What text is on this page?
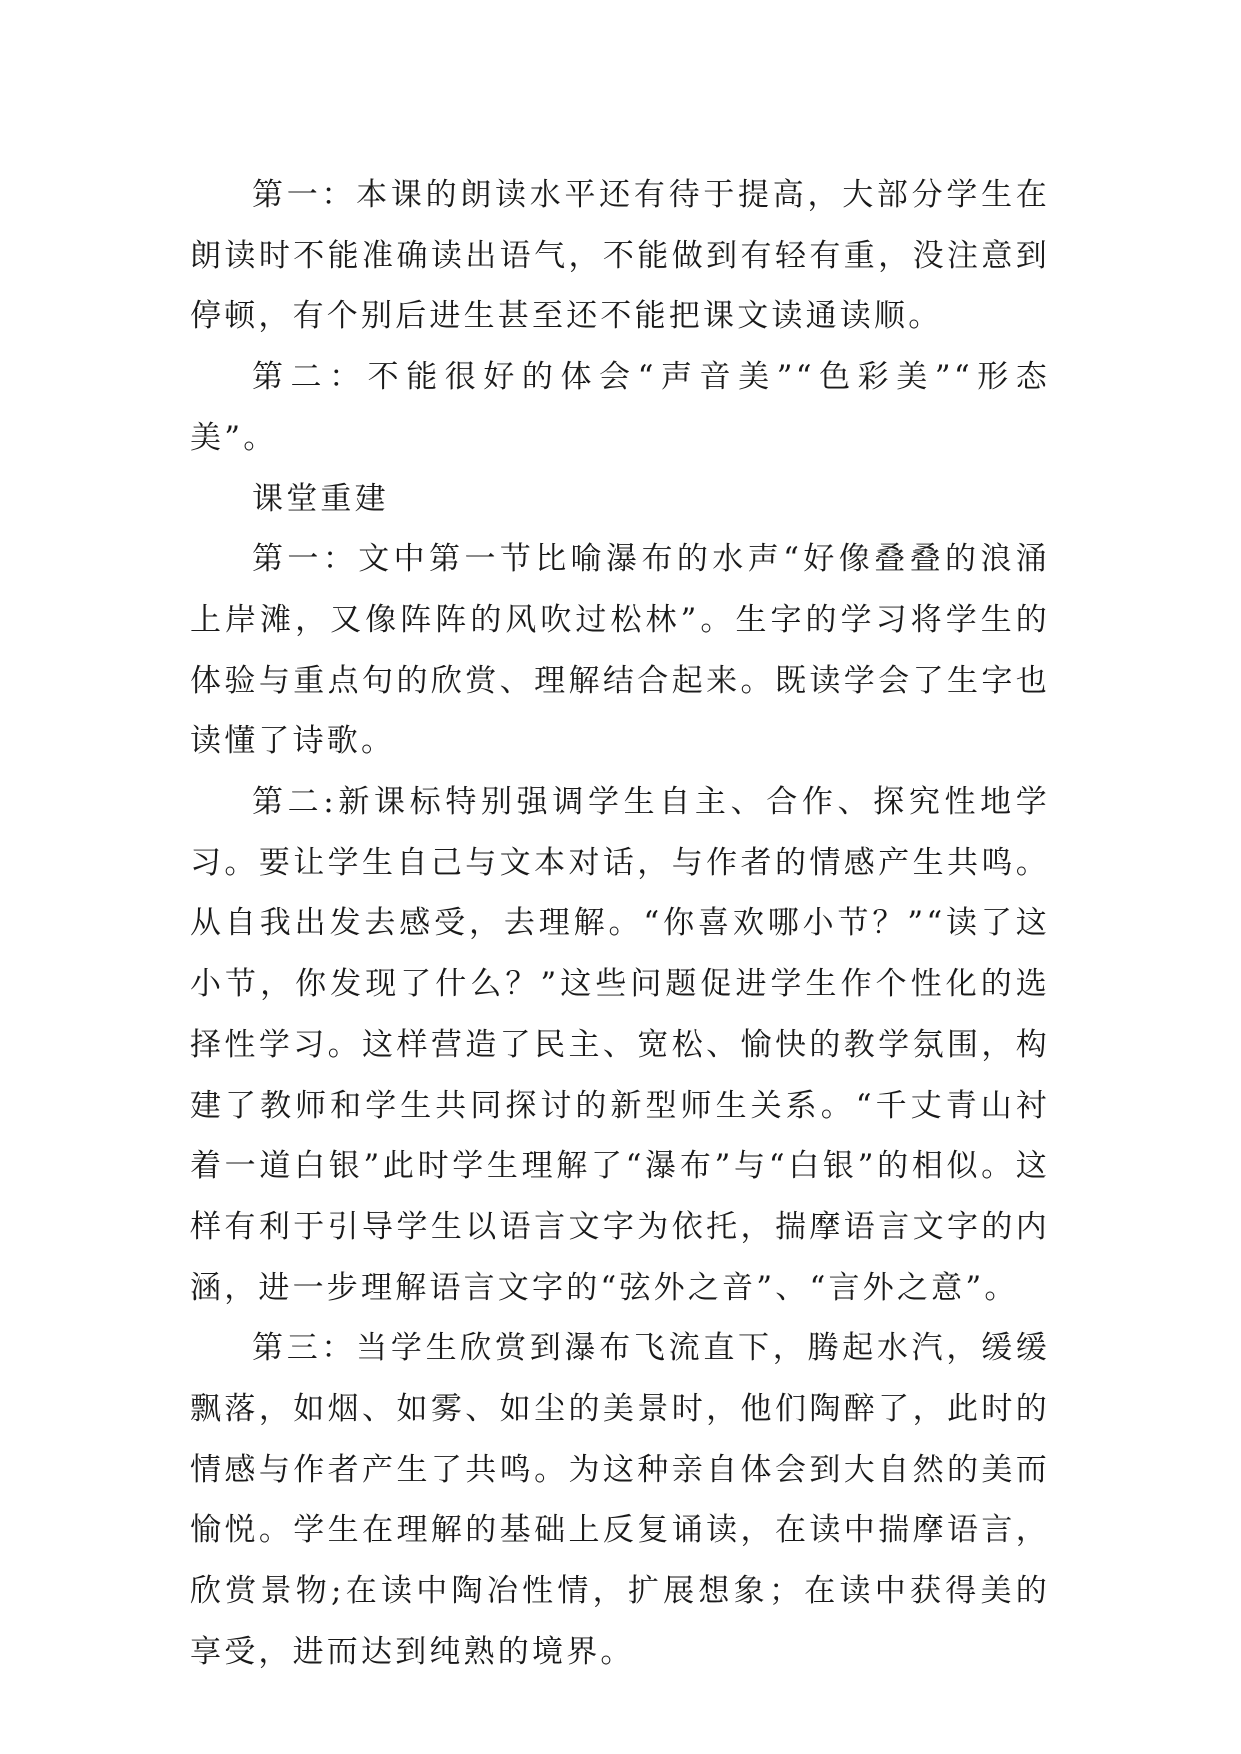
第一：本课的朗读水平还有待于提高，大部分学生在朗读时不能准确读出语气，不能做到有轻有重，没注意到停顿，有个别后进生甚至还不能把课文读通读顺。

第二：不能很好的体会“声音美”“色彩美”“形态美”。

课堂重建

第一：文中第一节比喻瀑布的水声“好像叠叠的浪涌上岸滩，又像阵阵的风吹过松林”。生字的学习将学生的体验与重点句的欣赏、理解结合起来。既读学会了生字也读懂了诗歌。

第二:新课标特别强调学生自主、合作、探究性地学习。要让学生自己与文本对话，与作者的情感产生共鸣。从自我出发去感受，去理解。“你喜欢哪小节？”“读了这小节，你发现了什么？”这些问题促进学生作个性化的选择性学习。这样营造了民主、宽松、愉快的教学氛围，构建了教师和学生共同探讨的新型师生关系。“千丈青山衬着一道白银”此时学生理解了“瀑布”与“白银”的相似。这样有利于引导学生以语言文字为依托，揣摩语言文字的内涵，进一步理解语言文字的“弦外之音”、“言外之意”。

第三：当学生欣赏到瀑布飞流直下，腾起水汽，缓缓飘落，如烟、如雾、如尘的美景时，他们陶醉了，此时的情感与作者产生了共鸣。为这种亲自体会到大自然的美而愉悦。学生在理解的基础上反复诵读，在读中揣摩语言，欣赏景物;在读中陶冶性情，扩展想象；在读中获得美的享受，进而达到纯熟的境界。
